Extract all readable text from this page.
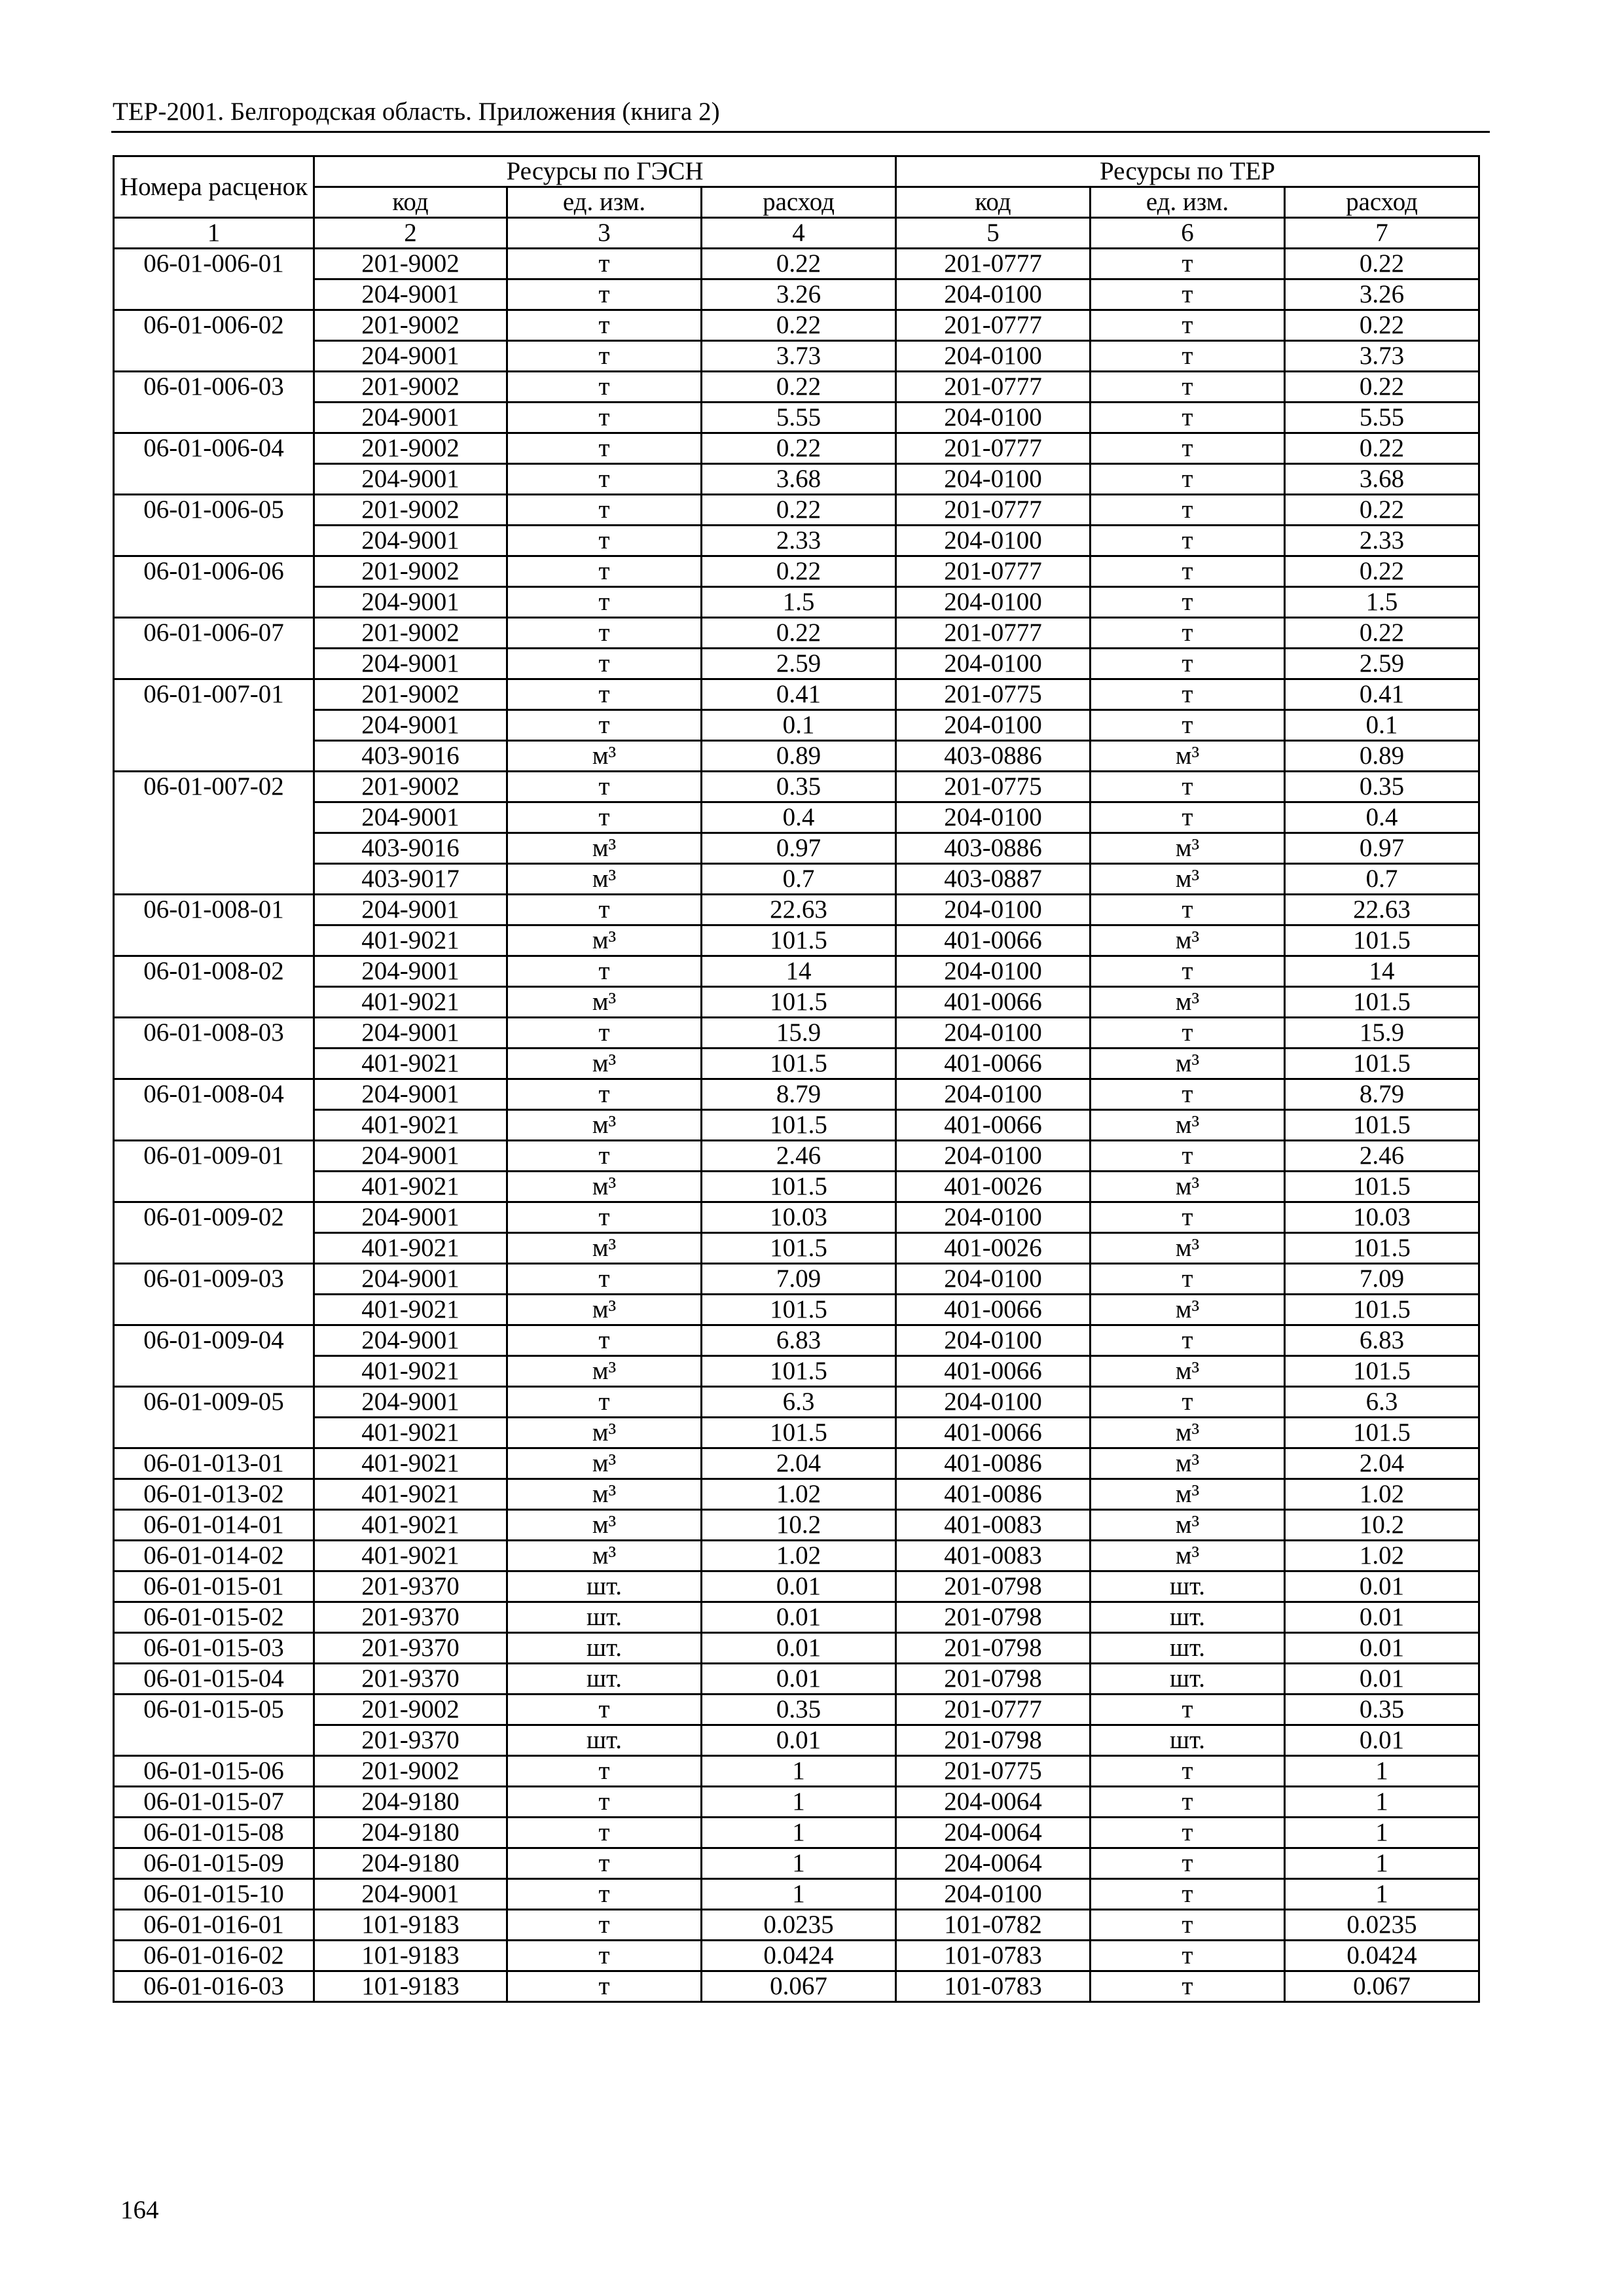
ТЕР-2001. Белгородская область. Приложения (книга 2)
Номера расценок	Ресурсы по ГЭСН			Ресурсы по ТЕР		
	код	ед. изм.	расход	код	ед. изм.	расход
1	2	3	4	5	6	7
06-01-006-01	201-9002	т	0.22	201-0777	т	0.22
	204-9001	т	3.26	204-0100	т	3.26
06-01-006-02	201-9002	т	0.22	201-0777	т	0.22
	204-9001	т	3.73	204-0100	т	3.73
06-01-006-03	201-9002	т	0.22	201-0777	т	0.22
	204-9001	т	5.55	204-0100	т	5.55
06-01-006-04	201-9002	т	0.22	201-0777	т	0.22
	204-9001	т	3.68	204-0100	т	3.68
06-01-006-05	201-9002	т	0.22	201-0777	т	0.22
	204-9001	т	2.33	204-0100	т	2.33
06-01-006-06	201-9002	т	0.22	201-0777	т	0.22
	204-9001	т	1.5	204-0100	т	1.5
06-01-006-07	201-9002	т	0.22	201-0777	т	0.22
	204-9001	т	2.59	204-0100	т	2.59
06-01-007-01	201-9002	т	0.41	201-0775	т	0.41
	204-9001	т	0.1	204-0100	т	0.1
	403-9016	м³	0.89	403-0886	м³	0.89
06-01-007-02	201-9002	т	0.35	201-0775	т	0.35
	204-9001	т	0.4	204-0100	т	0.4
	403-9016	м³	0.97	403-0886	м³	0.97
	403-9017	м³	0.7	403-0887	м³	0.7
06-01-008-01	204-9001	т	22.63	204-0100	т	22.63
	401-9021	м³	101.5	401-0066	м³	101.5
06-01-008-02	204-9001	т	14	204-0100	т	14
	401-9021	м³	101.5	401-0066	м³	101.5
06-01-008-03	204-9001	т	15.9	204-0100	т	15.9
	401-9021	м³	101.5	401-0066	м³	101.5
06-01-008-04	204-9001	т	8.79	204-0100	т	8.79
	401-9021	м³	101.5	401-0066	м³	101.5
06-01-009-01	204-9001	т	2.46	204-0100	т	2.46
	401-9021	м³	101.5	401-0026	м³	101.5
06-01-009-02	204-9001	т	10.03	204-0100	т	10.03
	401-9021	м³	101.5	401-0026	м³	101.5
06-01-009-03	204-9001	т	7.09	204-0100	т	7.09
	401-9021	м³	101.5	401-0066	м³	101.5
06-01-009-04	204-9001	т	6.83	204-0100	т	6.83
	401-9021	м³	101.5	401-0066	м³	101.5
06-01-009-05	204-9001	т	6.3	204-0100	т	6.3
	401-9021	м³	101.5	401-0066	м³	101.5
06-01-013-01	401-9021	м³	2.04	401-0086	м³	2.04
06-01-013-02	401-9021	м³	1.02	401-0086	м³	1.02
06-01-014-01	401-9021	м³	10.2	401-0083	м³	10.2
06-01-014-02	401-9021	м³	1.02	401-0083	м³	1.02
06-01-015-01	201-9370	шт.	0.01	201-0798	шт.	0.01
06-01-015-02	201-9370	шт.	0.01	201-0798	шт.	0.01
06-01-015-03	201-9370	шт.	0.01	201-0798	шт.	0.01
06-01-015-04	201-9370	шт.	0.01	201-0798	шт.	0.01
06-01-015-05	201-9002	т	0.35	201-0777	т	0.35
	201-9370	шт.	0.01	201-0798	шт.	0.01
06-01-015-06	201-9002	т	1	201-0775	т	1
06-01-015-07	204-9180	т	1	204-0064	т	1
06-01-015-08	204-9180	т	1	204-0064	т	1
06-01-015-09	204-9180	т	1	204-0064	т	1
06-01-015-10	204-9001	т	1	204-0100	т	1
06-01-016-01	101-9183	т	0.0235	101-0782	т	0.0235
06-01-016-02	101-9183	т	0.0424	101-0783	т	0.0424
06-01-016-03	101-9183	т	0.067	101-0783	т	0.067
164
